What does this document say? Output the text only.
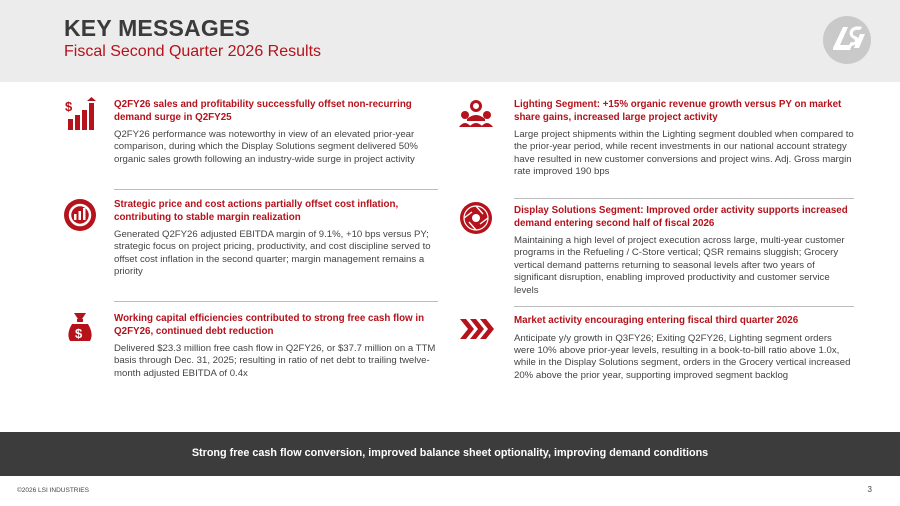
KEY MESSAGES
Fiscal Second Quarter 2026 Results
$
$
Q2FY26 sales and profitability successfully offset non-recurring demand surge in Q2FY25
Q2FY26 performance was noteworthy in view of an elevated prior-year comparison, during which the Display Solutions segment delivered 50% organic sales growth following an industry-wide surge in project activity
Strategic price and cost actions partially offset cost inflation, contributing to stable margin realization
Generated Q2FY26 adjusted EBITDA margin of 9.1%, +10 bps versus PY; strategic focus on project pricing, productivity, and cost discipline served to offset cost inflation in the second quarter; margin management remains a priority
Working capital efficiencies contributed to strong free cash flow in Q2FY26, continued debt reduction
Delivered $23.3 million free cash flow in Q2FY26, or $37.7 million on a TTM basis through Dec. 31, 2025; resulting in ratio of net debt to trailing twelve-month adjusted EBITDA of 0.4x
Lighting Segment: +15% organic revenue growth versus PY on market share gains, increased large project activity
Large project shipments within the Lighting segment doubled when compared to the prior-year period, while recent investments in our national account strategy have resulted in new customer conversions and project wins. Adj. Gross margin rate improved 190 bps
Display Solutions Segment: Improved order activity supports increased demand entering second half of fiscal 2026
Maintaining a high level of project execution across large, multi-year customer programs in the Refueling / C-Store vertical; QSR remains sluggish; Grocery vertical demand patterns returning to seasonal levels after two years of significant disruption, enabling improved productivity and customer service levels
Market activity encouraging entering fiscal third quarter 2026
Anticipate y/y growth in Q3FY26; Exiting Q2FY26, Lighting segment orders were 10% above prior-year levels, resulting in a book-to-bill ratio above 1.0x, while in the Display Solutions segment, orders in the Grocery vertical increased 20% above the prior year, supporting improved segment backlog
Strong free cash flow conversion, improved balance sheet optionality, improving demand conditions
©2026 LSI INDUSTRIES	3
